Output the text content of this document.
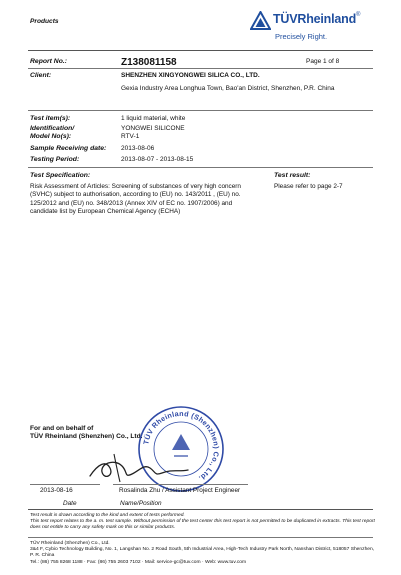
Products	TÜVRheinland®
Precisely Right.
Report No.:	Z138081158	Page 1 of 8
Client:	SHENZHEN XINGYONGWEI SILICA CO., LTD.
Gexia Industry Area Longhua Town, Bao'an District, Shenzhen, P.R. China
Test item(s):	1 liquid material, white
Identification/
Model No(s):
YONGWEI SILICONE
RTV-1
Sample Receiving date: 2013-08-06
Testing Period:	2013-08-07 - 2013-08-15
Test Specification:	Test result:
Risk Assessment of Articles: Screening of substances of very high concern (SVHC) subject to authorisation, according to (EU) no. 143/2011 , (EU) no. 125/2012 and (EU) no. 348/2013 (Annex XIV of EC no. 1907/2006) and candidate list by European Chemical Agency (ECHA)
Please refer to page 2-7
For and on behalf of
TÜV Rheinland (Shenzhen) Co., Ltd.
TÜV Rheinland (Shenzhen) Co., Ltd.
2013-08-16	Rosalinda Zhu / Assistant Project Engineer
Date	Name/Position
Test result is drawn according to the kind and extent of tests performed.
This test report relates to the a. m. test sample. Without permission of the test center this test report is not permitted to be duplicated in extracts. This test report does not entitle to carry any safety mark on this or similar products.
TÜV Rheinland (Shenzhen) Co., Ltd.
3&4 F, Cybio Technology Building, No. 1, Langshan No. 2 Road South, 5th Industrial Area, High-Tech Industry Park North, Nanshan District, 518057 Shenzhen, P. R. China
Tel.: (86) 755 8268 1188 · Fax: (86) 755 2603 7102 · Mail: service-gc@tuv.com · Web: www.tuv.com
